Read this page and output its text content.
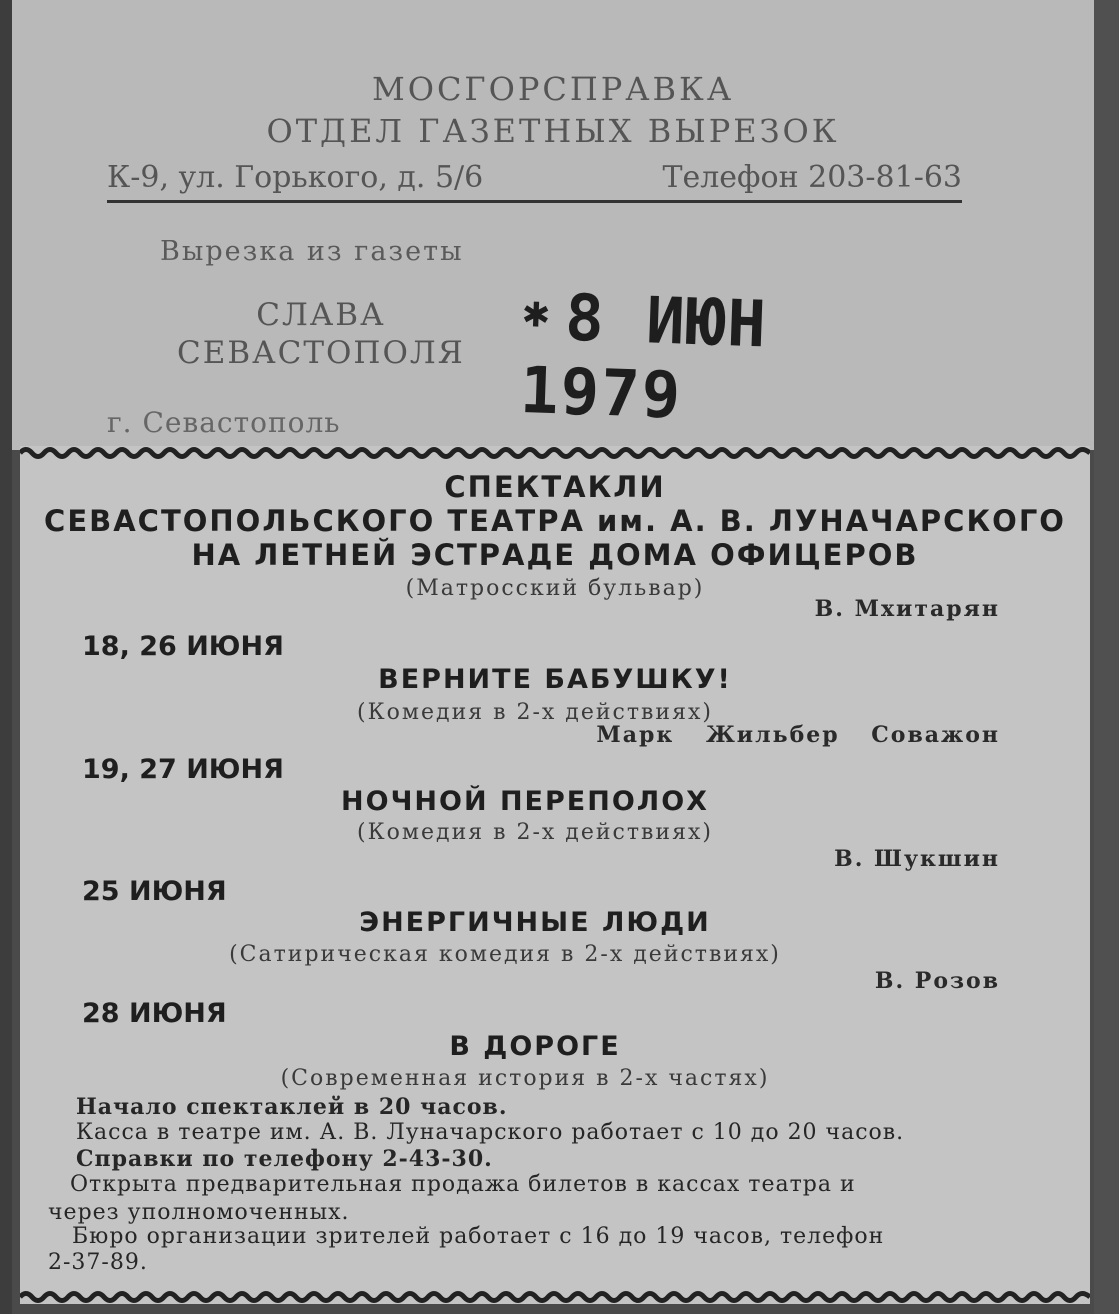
МОСГОРСПРАВКА
ОТДЕЛ ГАЗЕТНЫХ ВЫРЕЗОК
К-9, ул. Горького, д. 5/6	Телефон 203-81-63
Вырезка из газеты
СЛАВА
СЕВАСТОПОЛЯ
✱ 8 ИЮН 1979
г. Севастополь
СПЕКТАКЛИ
СЕВАСТОПОЛЬСКОГО ТЕАТРА им. А. В. ЛУНАЧАРСКОГО
НА ЛЕТНЕЙ ЭСТРАДЕ ДОМА ОФИЦЕРОВ
(Матросский бульвар)
В. Мхитарян
18, 26 ИЮНЯ
ВЕРНИТЕ БАБУШКУ!
(Комедия в 2-х действиях)
Марк Жильбер Соважон
19, 27 ИЮНЯ
НОЧНОЙ ПЕРЕПОЛОХ
(Комедия в 2-х действиях)
В. Шукшин
25 ИЮНЯ
ЭНЕРГИЧНЫЕ ЛЮДИ
(Сатирическая комедия в 2-х действиях)
В. Розов
28 ИЮНЯ
В ДОРОГЕ
(Современная история в 2-х частях)
Начало спектаклей в 20 часов.
Касса в театре им. А. В. Луначарского работает с 10 до 20 часов.
Справки по телефону 2-43-30.
Открыта предварительная продажа билетов в кассах театра и
через уполномоченных.
Бюро организации зрителей работает с 16 до 19 часов, телефон
2-37-89.
